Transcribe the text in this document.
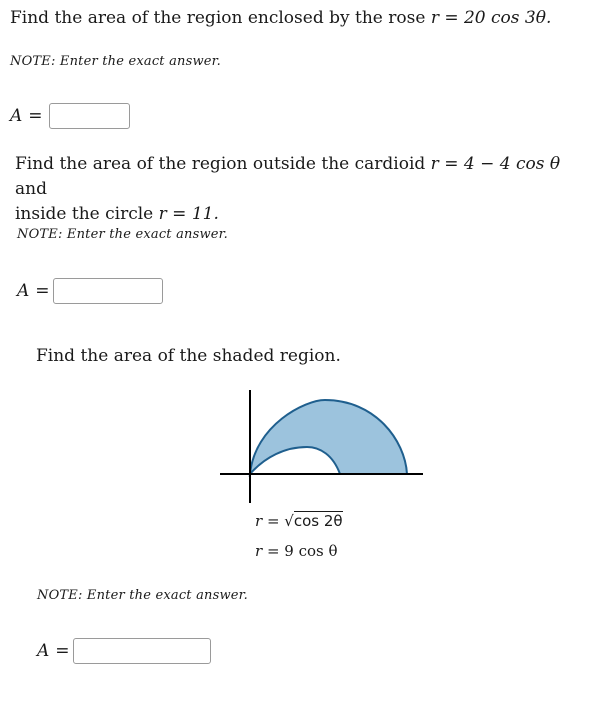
Find the area of the region enclosed by the rose r = 20 cos 3θ.
NOTE: Enter the exact answer.
A =
Find the area of the region outside the cardioid r = 4 − 4 cos θ and
inside the circle r = 11.
NOTE: Enter the exact answer.
A =
Find the area of the shaded region.
r = √cos 2θ
r = 9 cos θ
NOTE: Enter the exact answer.
A =
